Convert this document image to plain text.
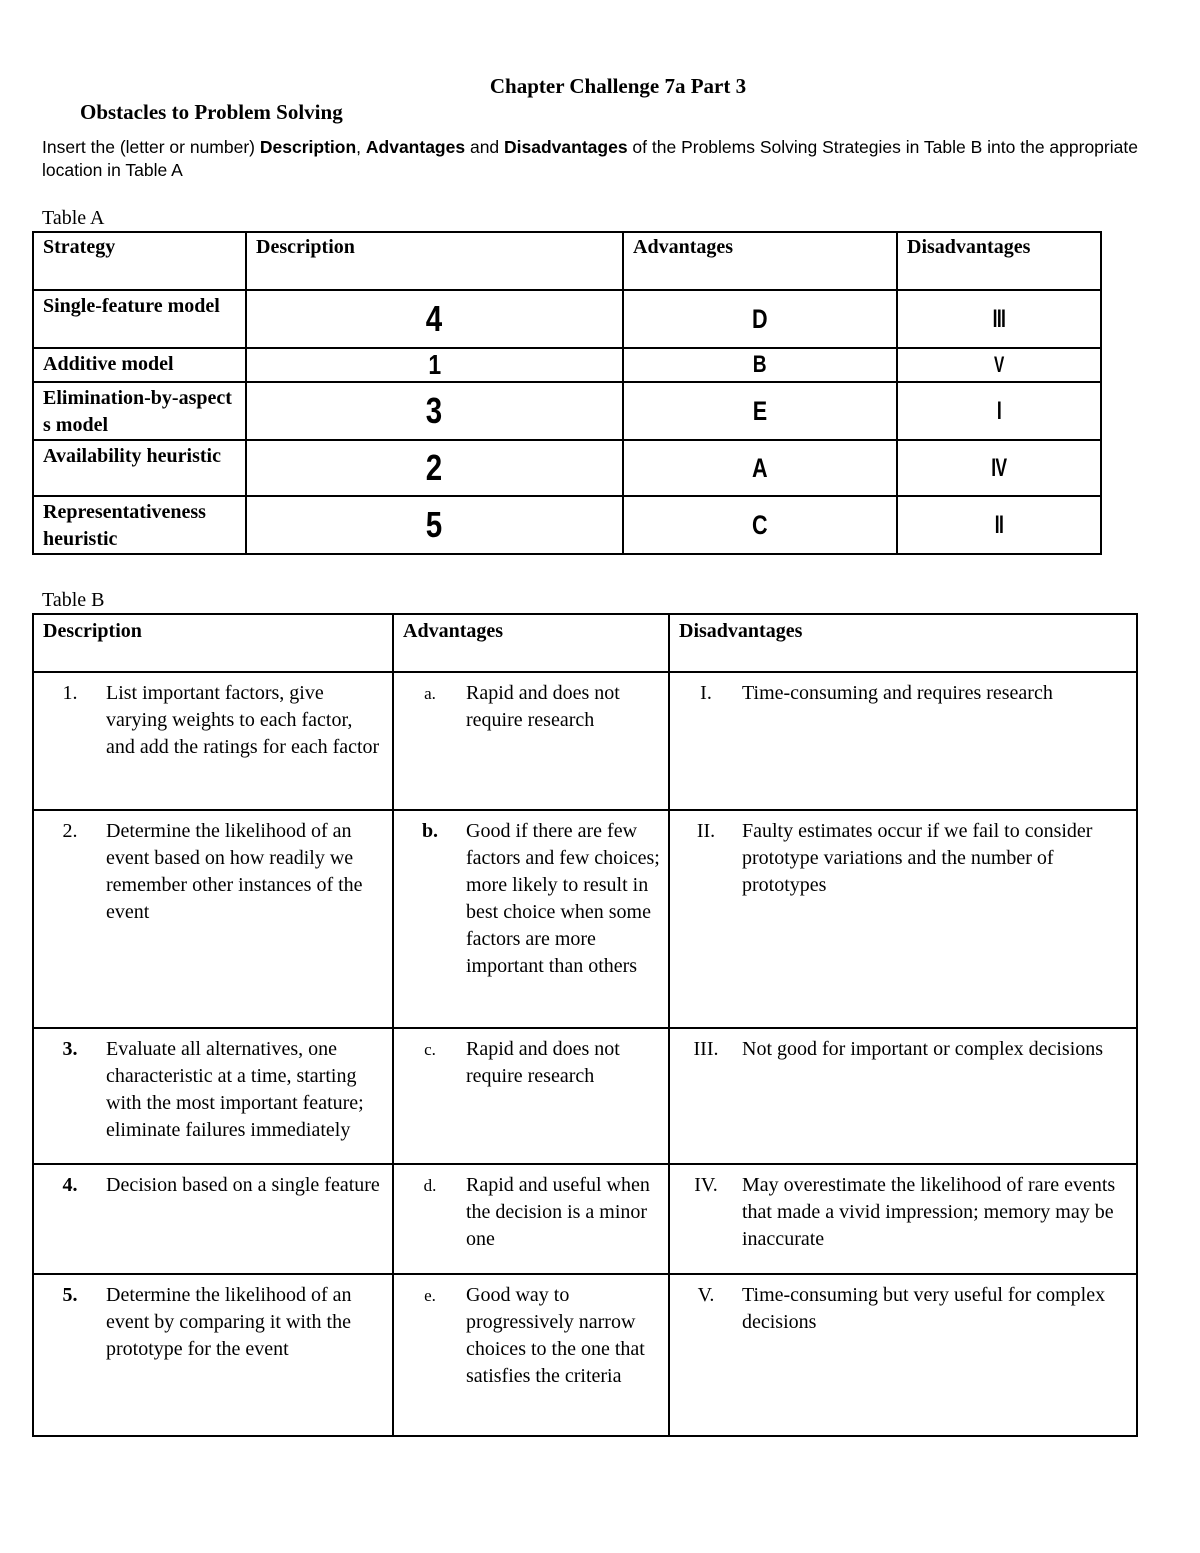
Chapter Challenge 7a Part 3
Obstacles to Problem Solving
Insert the (letter or number) Description, Advantages and Disadvantages of the Problems Solving Strategies in Table B into the appropriate location in Table A
Table A
Strategy	Description	Advantages	Disadvantages
Single-feature model	4	D	III
Additive model	1	B	V
Elimination-by-aspects model	3	E	I
Availability heuristic	2	A	IV
Representativeness heuristic	5	C	II
Table B
Description	Advantages	Disadvantages

1. List important factors, give varying weights to each factor, and add the ratings for each factor	a. Rapid and does not require research	I. Time-consuming and requires research

2. Determine the likelihood of an event based on how readily we remember other instances of the event	b. Good if there are few factors and few choices; more likely to result in best choice when some factors are more important than others	II. Faulty estimates occur if we fail to consider prototype variations and the number of prototypes

3. Evaluate all alternatives, one characteristic at a time, starting with the most important feature; eliminate failures immediately	c. Rapid and does not require research	III. Not good for important or complex decisions

4. Decision based on a single feature	d. Rapid and useful when the decision is a minor one	IV. May overestimate the likelihood of rare events that made a vivid impression; memory may be inaccurate

5. Determine the likelihood of an event by comparing it with the prototype for the event	e. Good way to progressively narrow choices to the one that satisfies the criteria	V. Time-consuming but very useful for complex decisions
